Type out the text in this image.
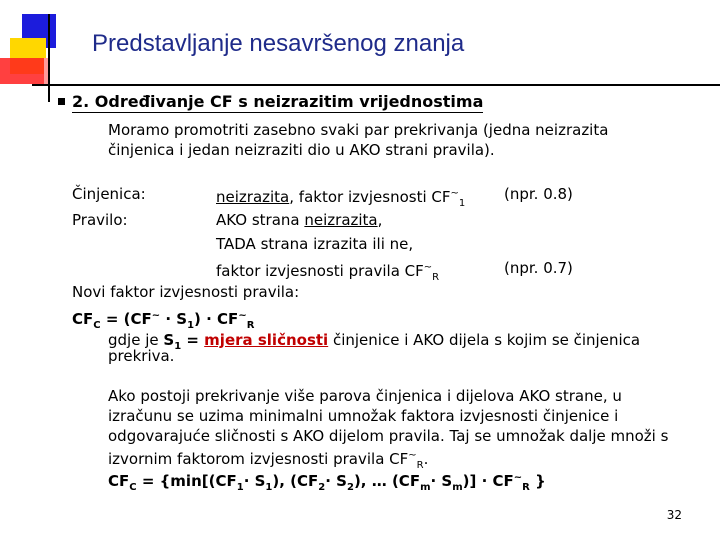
Predstavljanje nesavršenog znanja
2. Određivanje CF s neizrazitim vrijednostima
Moramo promotriti zasebno svaki par prekrivanja (jedna neizrazita
činjenica i jedan neizraziti dio u AKO strani pravila).
Činjenica:	neizrazita, faktor izvjesnosti $CF^\sim_1$
(npr. 0.8)
Pravilo:	AKO strana neizrazita,
TADA strana izrazita ili ne,
faktor izvjesnosti pravila $CF^\sim_R$
(npr. 0.7)
Novi faktor izvjesnosti pravila:
$CF_C = (CF^\sim \cdot S_1) \cdot CF^\sim_R$
gdje je $S_1$ = mjera sličnosti činjenice i AKO dijela s kojim se činjenica
prekriva.
Ako postoji prekrivanje više parova činjenica i dijelova AKO strane, u
izračunu se uzima minimalni umnožak faktora izvjesnosti činjenice i
odgovarajuće sličnosti s AKO dijelom pravila. Taj se umnožak dalje množi s
izvornim faktorom izvjesnosti pravila $CF^\sim_R$.
$CF_C = \{\min[(CF_1\cdot S_1)$, $(CF_2\cdot S_2)$, … $(CF_m\cdot S_m)] \cdot CF^\sim_R$ }
32
